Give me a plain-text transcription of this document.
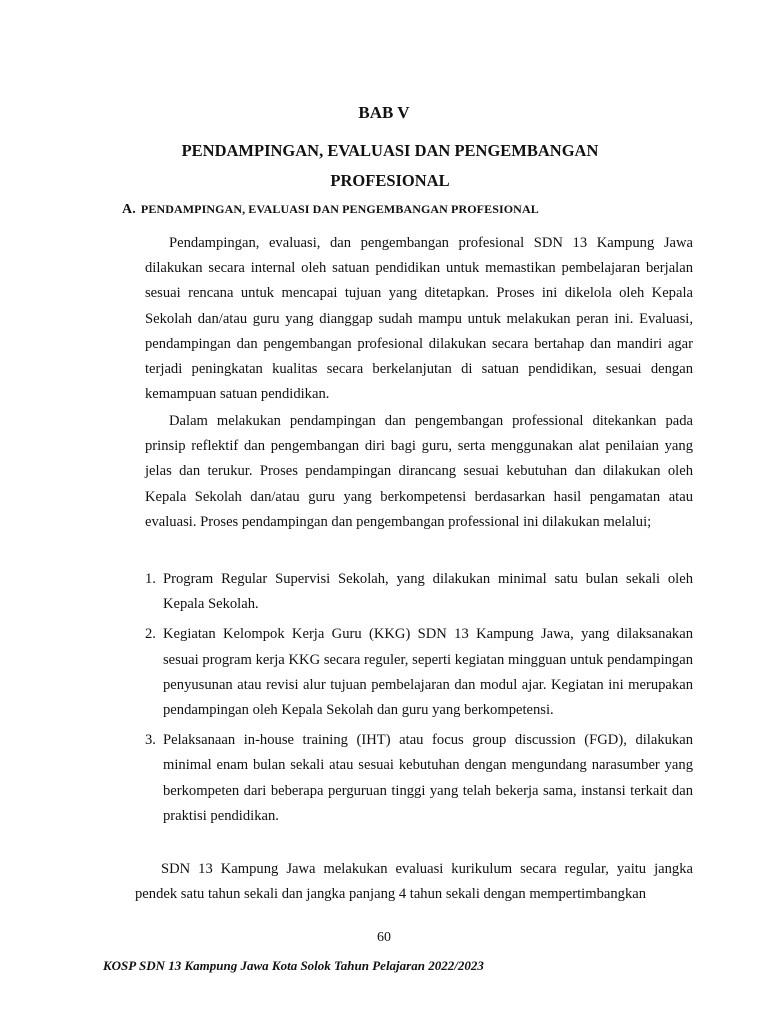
BAB V
PENDAMPINGAN, EVALUASI DAN PENGEMBANGAN
PROFESIONAL
A. PENDAMPINGAN, EVALUASI DAN PENGEMBANGAN PROFESIONAL

Pendampingan, evaluasi, dan pengembangan profesional SDN 13 Kampung Jawa dilakukan secara internal oleh satuan pendidikan untuk memastikan pembelajaran berjalan sesuai rencana untuk mencapai tujuan yang ditetapkan. Proses ini dikelola oleh Kepala Sekolah dan/atau guru yang dianggap sudah mampu untuk melakukan peran ini. Evaluasi, pendampingan dan pengembangan profesional dilakukan secara bertahap dan mandiri agar terjadi peningkatan kualitas secara berkelanjutan di satuan pendidikan, sesuai dengan kemampuan satuan pendidikan.

Dalam melakukan pendampingan dan pengembangan professional ditekankan pada prinsip reflektif dan pengembangan diri bagi guru, serta menggunakan alat penilaian yang jelas dan terukur. Proses pendampingan dirancang sesuai kebutuhan dan dilakukan oleh Kepala Sekolah dan/atau guru yang berkompetensi berdasarkan hasil pengamatan atau evaluasi. Proses pendampingan dan pengembangan professional ini dilakukan melalui;

1. Program Regular Supervisi Sekolah, yang dilakukan minimal satu bulan sekali oleh Kepala Sekolah.
2. Kegiatan Kelompok Kerja Guru (KKG) SDN 13 Kampung Jawa, yang dilaksanakan sesuai program kerja KKG secara reguler, seperti kegiatan mingguan untuk pendampingan penyusunan atau revisi alur tujuan pembelajaran dan modul ajar. Kegiatan ini merupakan pendampingan oleh Kepala Sekolah dan guru yang berkompetensi.
3. Pelaksanaan in-house training (IHT) atau focus group discussion (FGD), dilakukan minimal enam bulan sekali atau sesuai kebutuhan dengan mengundang narasumber yang berkompeten dari beberapa perguruan tinggi yang telah bekerja sama, instansi terkait dan praktisi pendidikan.

SDN 13 Kampung Jawa melakukan evaluasi kurikulum secara regular, yaitu jangka pendek satu tahun sekali dan jangka panjang 4 tahun sekali dengan mempertimbangkan

60
KOSP SDN 13 Kampung Jawa Kota Solok Tahun Pelajaran 2022/2023
